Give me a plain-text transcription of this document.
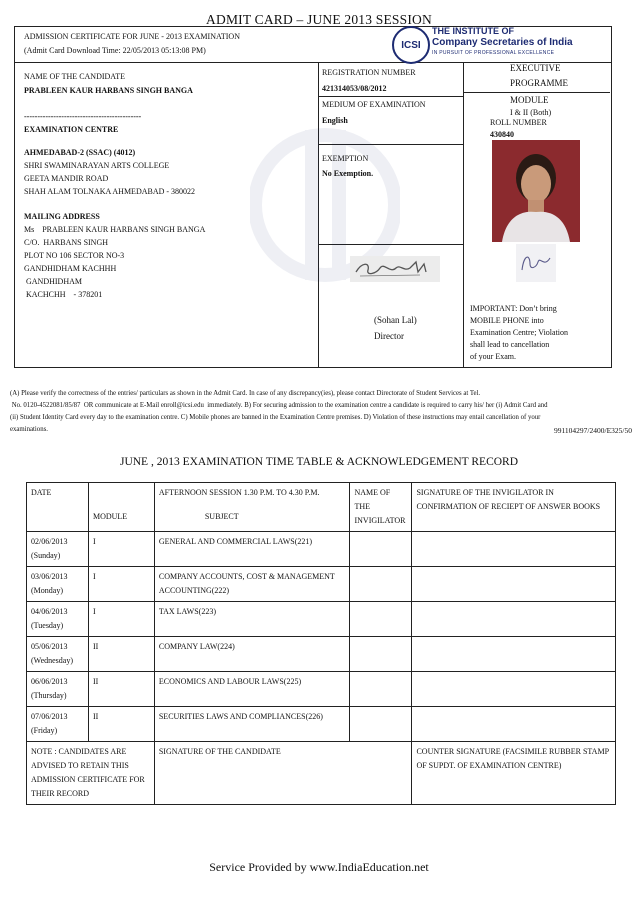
ADMIT CARD – JUNE 2013 SESSION
ADMISSION CERTIFICATE FOR JUNE - 2013 EXAMINATION
(Admit Card Download Time: 22/05/2013 05:13:08 PM)	ICSI
THE INSTITUTE OF
Company Secretaries of India
IN PURSUIT OF PROFESSIONAL EXCELLENCE
NAME OF THE CANDIDATE
PRABLEEN KAUR HARBANS SINGH BANGA
--------------------------------------------
EXAMINATION CENTRE
AHMEDABAD-2 (SSAC) (4012)
SHRI SWAMINARAYAN ARTS COLLEGE
GEETA MANDIR ROAD
SHAH ALAM TOLNAKA AHMEDABAD - 380022
MAILING ADDRESS
Ms    PRABLEEN KAUR HARBANS SINGH BANGA
C/O.  HARBANS SINGH
PLOT NO 106 SECTOR NO-3
GANDHIDHAM KACHHH
GANDHIDHAM
KACHCHH    - 378201
REGISTRATION NUMBER
421314053/08/2012
MEDIUM OF EXAMINATION
English
EXEMPTION
No Exemption.
(Sohan Lal)
Director
EXECUTIVE
PROGRAMME
MODULE
I & II (Both)
ROLL NUMBER
430840
IMPORTANT: Don’t bring
MOBILE PHONE into
Examination Centre; Violation
shall lead to cancellation
of your Exam.
(A) Please verify the correctness of the entries/ particulars as shown in the Admit Card. In case of any discrepancy(ies), please contact Directorate of Student Services at Tel.
No. 0120-4522081/85/87  OR communicate at E-Mail enroll@icsi.edu  immediately. B) For securing admission to the examination centre a candidate is required to carry his/ her (i) Admit Card and
(ii) Student Identity Card every day to the examination centre. C) Mobile phones are banned in the Examination Centre premises. D) Violation of these instructions may entail cancellation of your
examinations.	991104297/2400/E325/50
JUNE , 2013 EXAMINATION TIME TABLE & ACKNOWLEDGEMENT RECORD
DATE		AFTERNOON SESSION 1.30 P.M. TO 4.30 P.M.	NAME OF THE INVIGILATOR	SIGNATURE OF THE INVIGILATOR IN CONFIRMATION OF RECIEPT OF ANSWER BOOKS
	MODULE	SUBJECT		

02/06/2013
(Sunday)	I	GENERAL AND COMMERCIAL LAWS(221)		

03/06/2013
(Monday)	I	COMPANY ACCOUNTS, COST & MANAGEMENT ACCOUNTING(222)		

04/06/2013
(Tuesday)	I	TAX LAWS(223)		

05/06/2013
(Wednesday)	II	COMPANY LAW(224)		

06/06/2013
(Thursday)	II	ECONOMICS AND LABOUR LAWS(225)		

07/06/2013
(Friday)	II	SECURITIES LAWS AND COMPLIANCES(226)		
NOTE : CANDIDATES ARE ADVISED TO RETAIN THIS ADMISSION CERTIFICATE FOR THEIR RECORD		SIGNATURE OF THE CANDIDATE		COUNTER SIGNATURE (FACSIMILE RUBBER STAMP OF SUPDT. OF EXAMINATION CENTRE)
Service Provided by www.IndiaEducation.net
